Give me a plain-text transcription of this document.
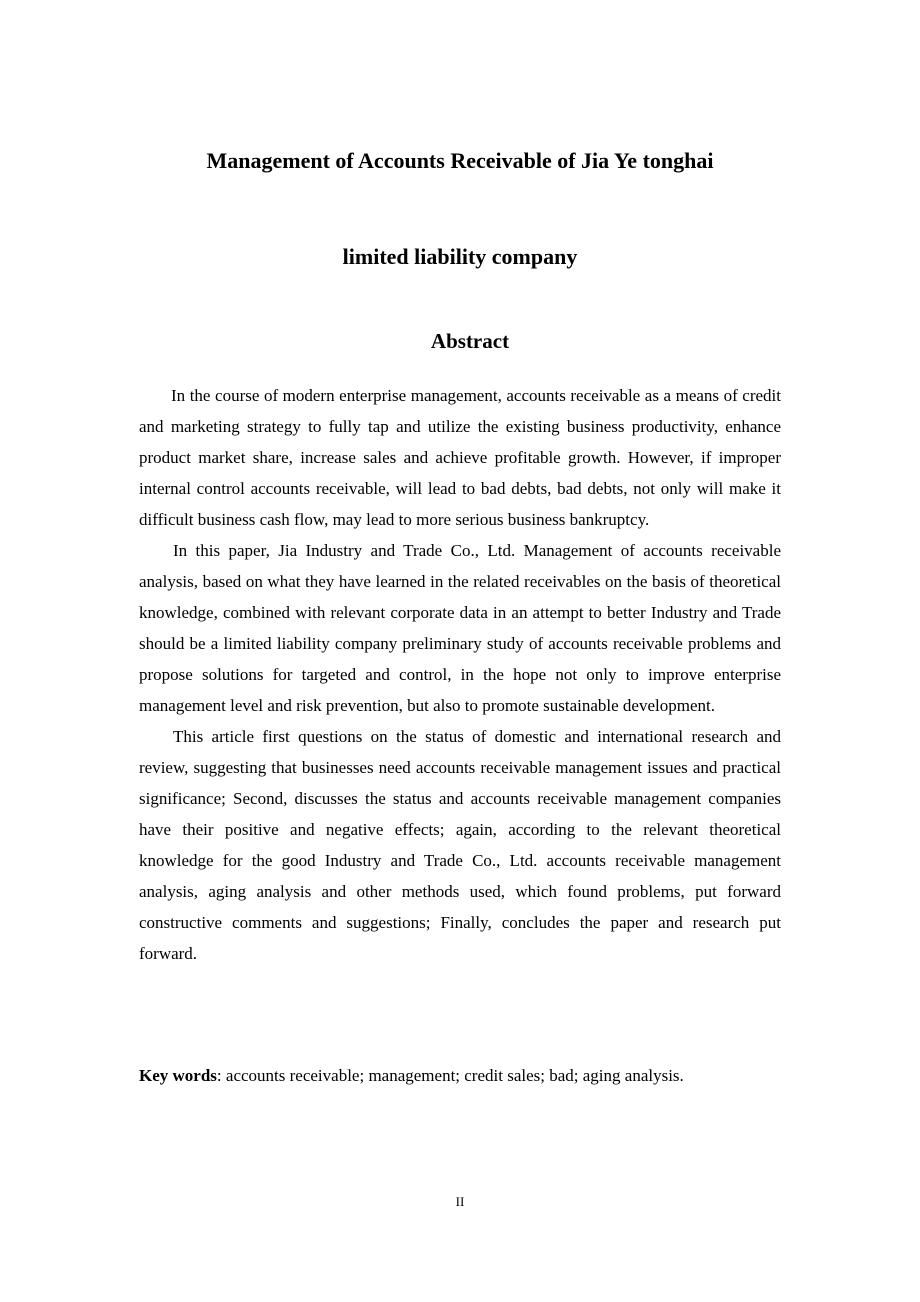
Management of Accounts Receivable of Jia Ye tonghai
limited liability company
Abstract

In the course of modern enterprise management, accounts receivable as a means of credit and marketing strategy to fully tap and utilize the existing business productivity, enhance product market share, increase sales and achieve profitable growth. However, if improper internal control accounts receivable, will lead to bad debts, bad debts, not only will make it difficult business cash flow, may lead to more serious business bankruptcy.

In this paper, Jia Industry and Trade Co., Ltd. Management of accounts receivable analysis, based on what they have learned in the related receivables on the basis of theoretical knowledge, combined with relevant corporate data in an attempt to better Industry and Trade should be a limited liability company preliminary study of accounts receivable problems and propose solutions for targeted and control, in the hope not only to improve enterprise management level and risk prevention, but also to promote sustainable development.

This article first questions on the status of domestic and international research and review, suggesting that businesses need accounts receivable management issues and practical significance; Second, discusses the status and accounts receivable management companies have their positive and negative effects; again, according to the relevant theoretical knowledge for the good Industry and Trade Co., Ltd. accounts receivable management analysis, aging analysis and other methods used, which found problems, put forward constructive comments and suggestions; Finally, concludes the paper and research put forward.

Key words: accounts receivable; management; credit sales; bad; aging analysis.

II
